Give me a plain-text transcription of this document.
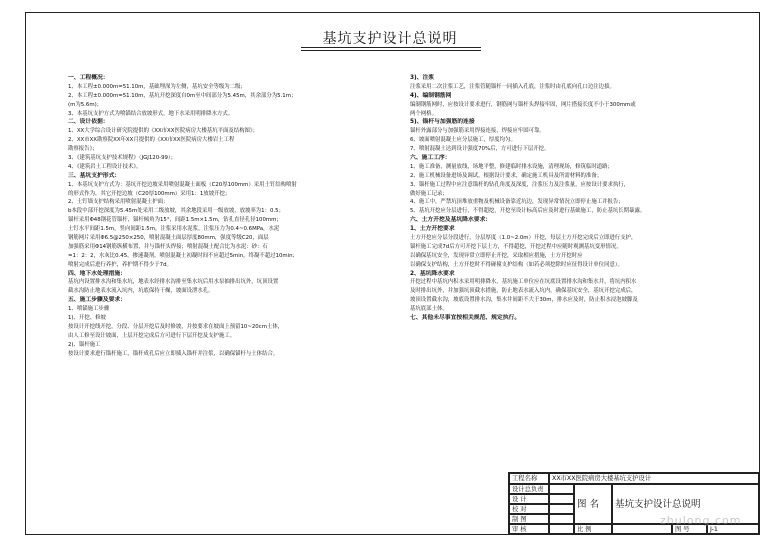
基坑支护设计总说明
一、工程概况：
1、本工程±0.000m=51.10m，基础埋深为左侧，基坑安全等级为二级；
2、本工程±0.000m=51.10m，基坑开挖深度自0m至中间部分为5.45m，其余部分为5.1m；
(m为5.6m)；
3、本基坑支护方式为喷锚结合放坡形式，地下水采用明排降水方式。
二、设计依据：
1、XX大学综合设计研究院提供的《XX市XX医院病房大楼基坑平面及结构图》；
2、XX市XX勘察院XX年XX月提供的《XX市XX医院病房大楼岩土工程
勘察报告》；
3、《建筑基坑支护技术规程》（JGJ120-99）；
4、《建筑岩土工程设计技术》。
三、基坑支护形式：
1、本基坑支护方式为：基坑开挖边坡采用喷射混凝土面板（C20厚100mm）采用土钉结构喷射
的形式作为，其它开挖边坡（C20厚100mm）采用1：1放坡开挖；
2、土钉墙支护结构采用喷射混凝土护面：
b本段中部开挖深度为5.45m处采用二级放坡，其余地段采用一级放坡，放坡率为1：0.5；
锚杆采用Φ48钢花管锚杆，锚杆倾角为15°，间距1.5m×1.5m，钻孔直径孔径100mm；
土钉水平间距1.5m，竖向间距1.5m，注浆采用水泥浆，注浆压力为0.4~0.6MPa，水泥
钢筋网片采用Φ6.5@250×250，喷射混凝土面层厚度80mm，强度等级C20，面层
加强筋采用Φ14钢筋纵横布置，并与锚杆头焊接；喷射混凝土配合比为水泥：砂：石
=1：2：2，水灰比0.45，掺速凝剂，喷射混凝土初凝时间不应超过5min，终凝不超过10min；
喷射完成后进行养护，养护期不得少于7d。
四、地下水处理措施：
基坑内设置排水沟和集水坑，地表水经排水沟排至集水坑后用水泵抽排出坑外，坑顶设置
截水沟防止地表水流入坑内，坑底保持干燥，坡面设泄水孔。
五、施工步骤及要求：
1、喷锚施工步骤
1)、开挖、修坡
按设计开挖线开挖，分段、分层开挖后及时修坡，并按要求在坡面上预留10~20cm土体，
由人工修至设计坡面，上层开挖完成后方可进行下层开挖及支护施工。
2)、锚杆施工
按设计要求进行锚杆施工，锚杆成孔后应立即插入锚杆并注浆，以确保锚杆与土体结合。
3)、注浆
注浆采用二次注浆工艺，注浆管随锚杆一同插入孔底，注浆时由孔底向孔口边注边拔。
4)、编制钢筋网
编制钢筋网时，应按设计要求进行，钢筋网与锚杆头焊接牢固，网片搭接长度不小于300mm或
两个网格。
5)、锚杆与加强筋的连接
锚杆外露部分与加强筋采用焊接连接，焊接应牢固可靠。
6、坡面喷射混凝土应分层施工，厚度均匀。
7、喷射混凝土达到设计强度70%后，方可进行下层开挖。
六、施工工序：
1、施工准备，测量放线，场地平整，修建临时排水设施，清理现场，修筑临时道路；
2、施工机械设备进场及调试，根据设计要求，确定施工机具及所需材料的准备；
3、锚杆施工过程中应注意锚杆的钻孔角度及深度，注浆压力及注浆量，应按设计要求执行，
做好施工记录；
4、施工中，严禁坑顶堆放重物及机械设备靠近坑边，发现异常情况立即停止施工并报告；
5、基坑开挖应分层进行，不得超挖，开挖至设计标高后应及时进行基础施工，防止基坑长期暴露。
六、土方开挖及基坑降水要求：
1、土方开挖要求
土方开挖应分层分段进行，分层厚度（1.0~2.0m）开挖，每层土方开挖完成后立即进行支护，
锚杆施工完成7d后方可开挖下层土方，不得超挖，开挖过程中应随时观测基坑变形情况，
以确保基坑安全，发现异常立即停止开挖，采取相应措施，土方开挖时应
以确保支护结构，土方开挖时不得碰撞支护结构（如若必须挖除时应征得设计单位同意）。
2、基坑降水要求
开挖过程中基坑内积水采用明排降水，基坑施工单位应在坑底设置排水沟和集水井，将坑内积水
及时排出坑外，并加强坑顶截水措施，防止地表水流入坑内，确保基坑安全，基坑开挖完成后，
坡顶设置截水沟，坡底设置排水沟，集水井间距不大于30m，排水应及时，防止积水浸泡坡脚及
基坑底部土体。
七、其他未尽事宜按相关规范、规定执行。
工程名称	XX市XX医院病房大楼基坑支护设计
设计总负责
设 计
校 对
制 图
审 核
图 名	基坑支护设计总说明
比 例	图 号	J-1
zhulong.com
